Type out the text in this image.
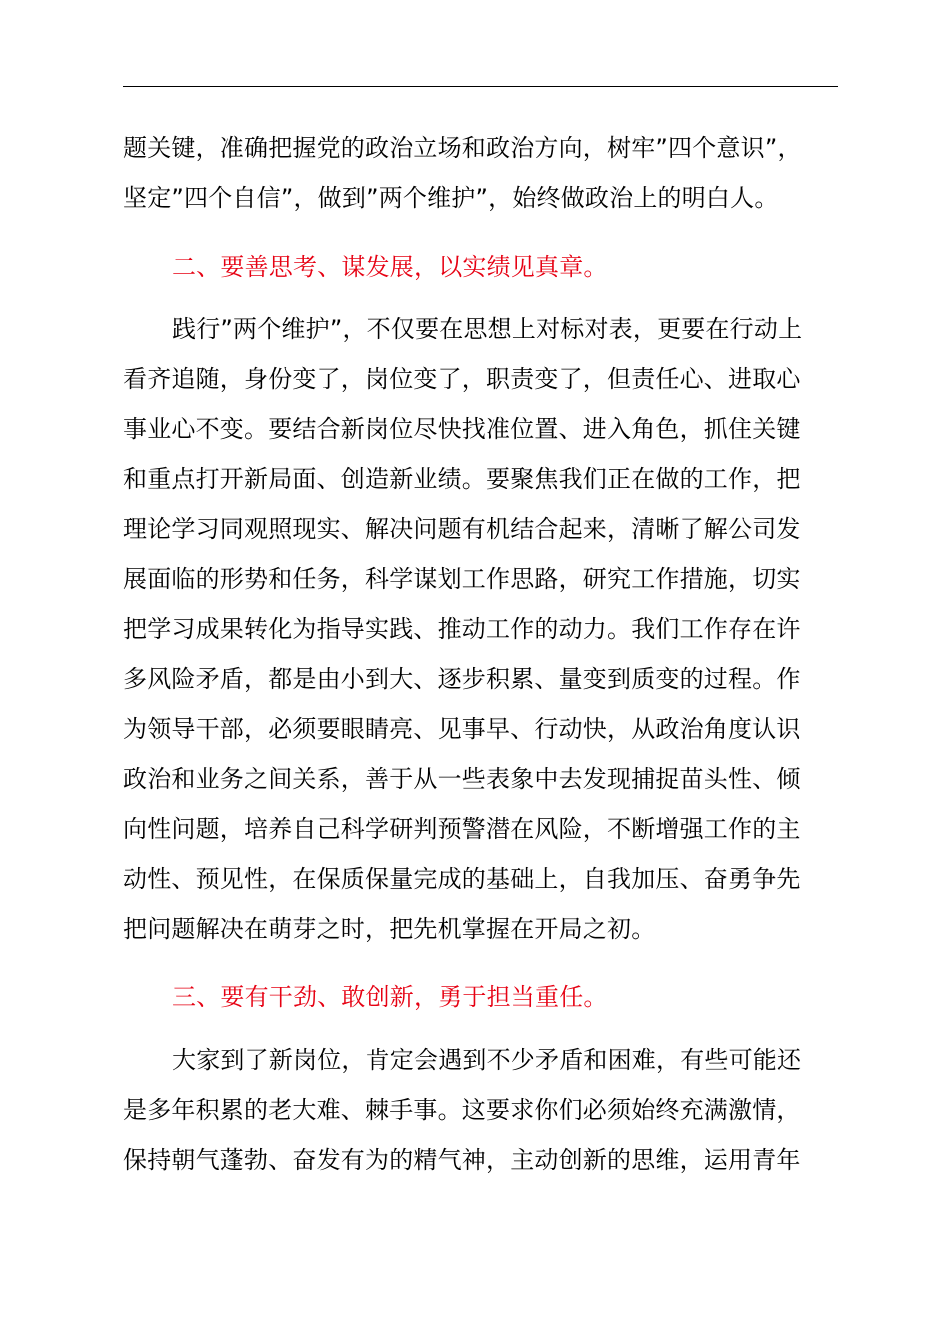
题关键，准确把握党的政治立场和政治方向，树牢”四个意识”，
坚定”四个自信”，做到”两个维护”，始终做政治上的明白人。
二、要善思考、谋发展，以实绩见真章。
践行”两个维护”，不仅要在思想上对标对表，更要在行动上
看齐追随，身份变了，岗位变了，职责变了，但责任心、进取心
事业心不变。要结合新岗位尽快找准位置、进入角色，抓住关键
和重点打开新局面、创造新业绩。要聚焦我们正在做的工作，把
理论学习同观照现实、解决问题有机结合起来，清晰了解公司发
展面临的形势和任务，科学谋划工作思路，研究工作措施，切实
把学习成果转化为指导实践、推动工作的动力。我们工作存在许
多风险矛盾，都是由小到大、逐步积累、量变到质变的过程。作
为领导干部，必须要眼睛亮、见事早、行动快，从政治角度认识
政治和业务之间关系，善于从一些表象中去发现捕捉苗头性、倾
向性问题，培养自己科学研判预警潜在风险，不断增强工作的主
动性、预见性，在保质保量完成的基础上，自我加压、奋勇争先
把问题解决在萌芽之时，把先机掌握在开局之初。
三、要有干劲、敢创新，勇于担当重任。
大家到了新岗位，肯定会遇到不少矛盾和困难，有些可能还
是多年积累的老大难、棘手事。这要求你们必须始终充满激情，
保持朝气蓬勃、奋发有为的精气神，主动创新的思维，运用青年
